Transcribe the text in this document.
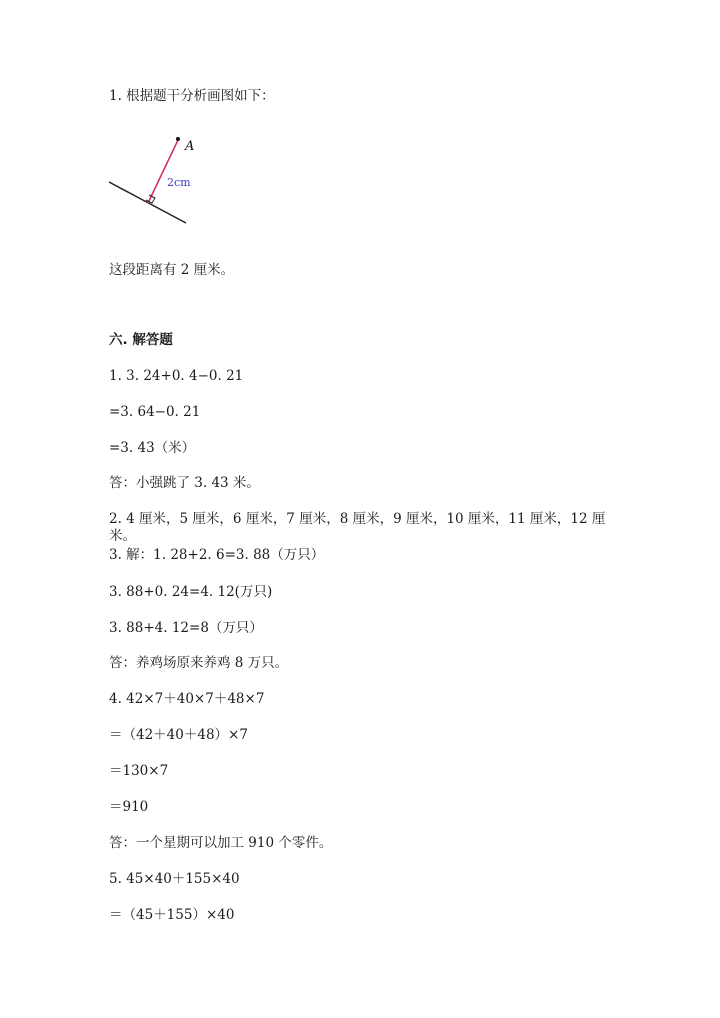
1. 根据题干分析画图如下：
A
2cm
这段距离有 2 厘米。
六. 解答题
1. 3. 24+0. 4−0. 21
=3. 64−0. 21
=3. 43（米）
答：小强跳了 3. 43 米。
2. 4 厘米，5 厘米，6 厘米，7 厘米，8 厘米，9 厘米，10 厘米，11 厘米，12 厘米。
3. 解：1. 28+2. 6=3. 88（万只）
3. 88+0. 24=4. 12(万只)
3. 88+4. 12=8（万只）
答：养鸡场原来养鸡 8 万只。
4. 42×7＋40×7＋48×7
＝（42＋40＋48）×7
＝130×7
＝910
答：一个星期可以加工 910 个零件。
5. 45×40＋155×40
＝（45＋155）×40
